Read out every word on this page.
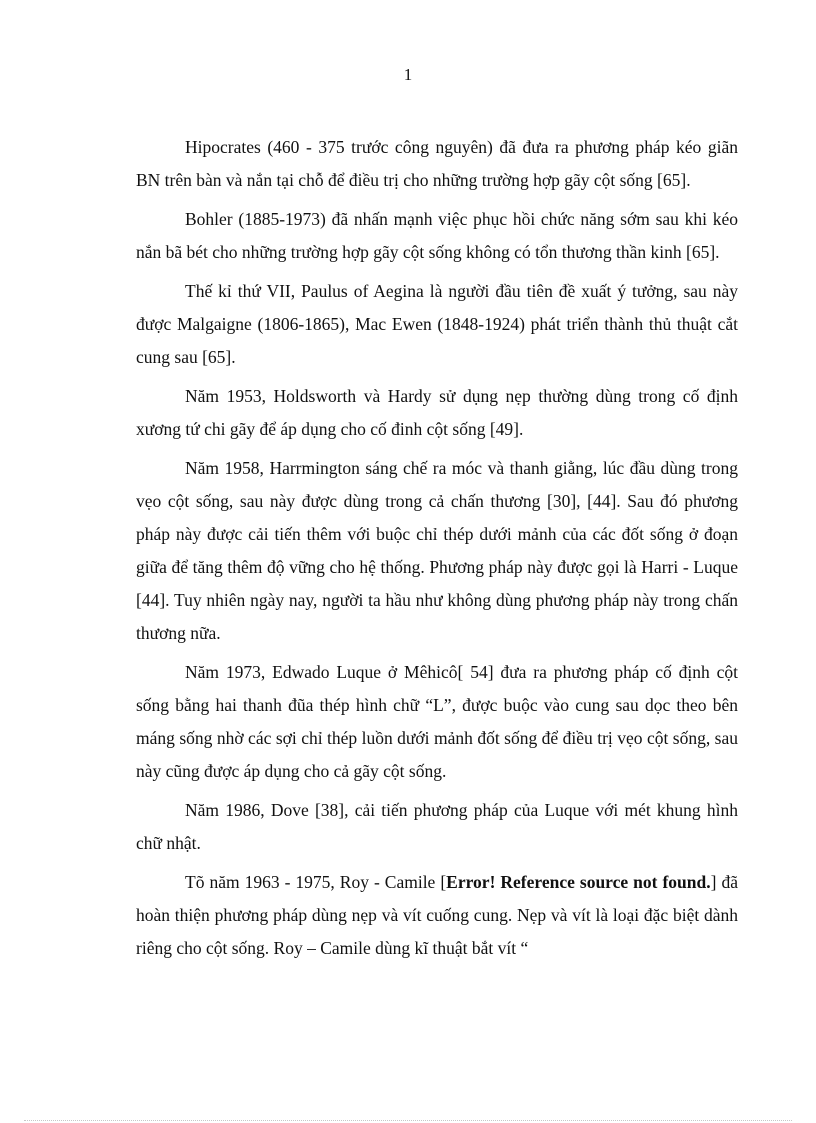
1

Hipocrates (460 - 375 trước công nguyên) đã đưa ra phương pháp kéo giãn BN trên bàn và nắn tại chỗ để điều trị cho những trường hợp gãy cột sống [65].

Bohler (1885-1973) đã nhấn mạnh việc phục hồi chức năng sớm sau khi kéo nắn bã bét cho những trường hợp gãy cột sống không có tổn thương thần kinh [65].

Thế kỉ thứ VII, Paulus of Aegina là người đầu tiên đề xuất ý tưởng, sau này được Malgaigne (1806-1865), Mac Ewen (1848-1924) phát triển thành thủ thuật cắt cung sau [65].

Năm 1953, Holdsworth và Hardy sử dụng nẹp thường dùng trong cố định xương tứ chi gãy để áp dụng cho cố đinh cột sống [49].

Năm 1958, Harrmington sáng chế ra móc và thanh giằng, lúc đầu dùng trong vẹo cột sống, sau này được dùng trong cả chấn thương [30], [44]. Sau đó phương pháp này được cải tiến thêm với buộc chỉ thép dưới mảnh của các đốt sống ở đoạn giữa để tăng thêm độ vững cho hệ thống. Phương pháp này được gọi là Harri - Luque [44]. Tuy nhiên ngày nay, người ta hầu như không dùng phương pháp này trong chấn thương nữa.

Năm 1973, Edwado Luque ở Mêhicô[ 54] đưa ra phương pháp cố định cột sống bằng hai thanh đũa thép hình chữ “L”, được buộc vào cung sau dọc theo bên máng sống nhờ các sợi chỉ thép luồn dưới mảnh đốt sống để điều trị vẹo cột sống, sau này cũng được áp dụng cho cả gãy cột sống.

Năm 1986, Dove [38], cải tiến phương pháp của Luque với mét khung hình chữ nhật.

Tõ năm 1963 - 1975, Roy - Camile [Error! Reference source not found.] đã hoàn thiện phương pháp dùng nẹp và vít cuống cung. Nẹp và vít là loại đặc biệt dành riêng cho cột sống. Roy – Camile dùng kĩ thuật bắt vít “
